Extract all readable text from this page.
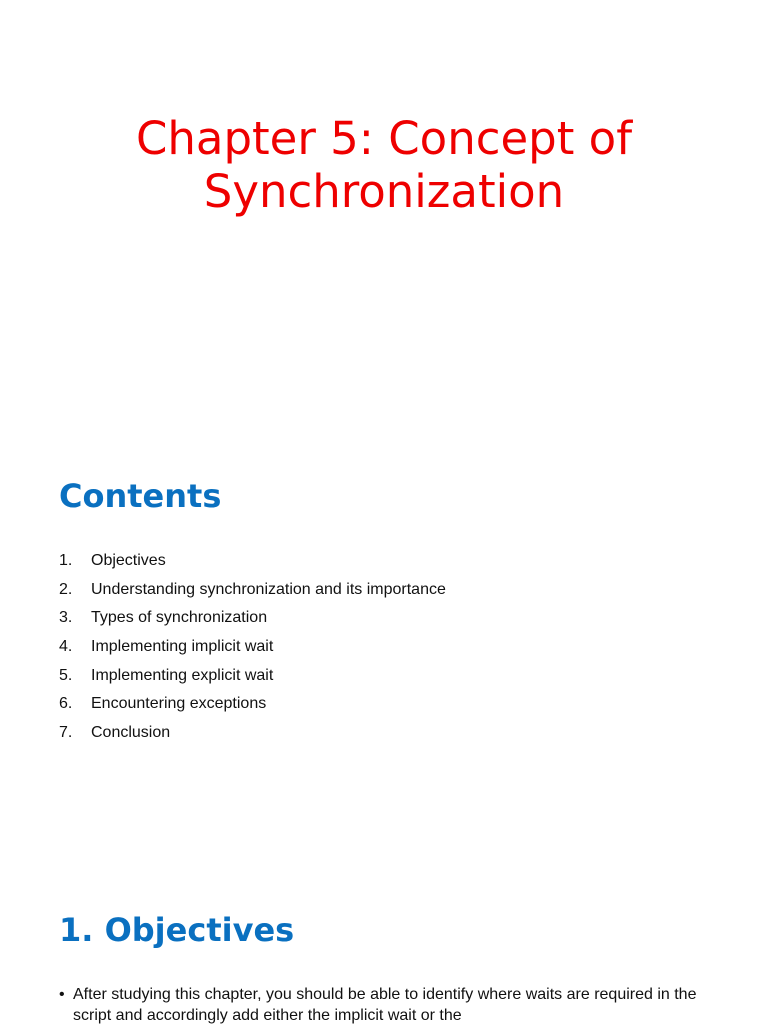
Chapter 5: Concept of
Synchronization
Contents
1.	Objectives
2.	Understanding synchronization and its importance
3.	Types of synchronization
4.	Implementing implicit wait
5.	Implementing explicit wait
6.	Encountering exceptions
7.	Conclusion
1. Objectives
• After studying this chapter, you should be able to identify where waits are required in the script and accordingly add either the implicit wait or the
